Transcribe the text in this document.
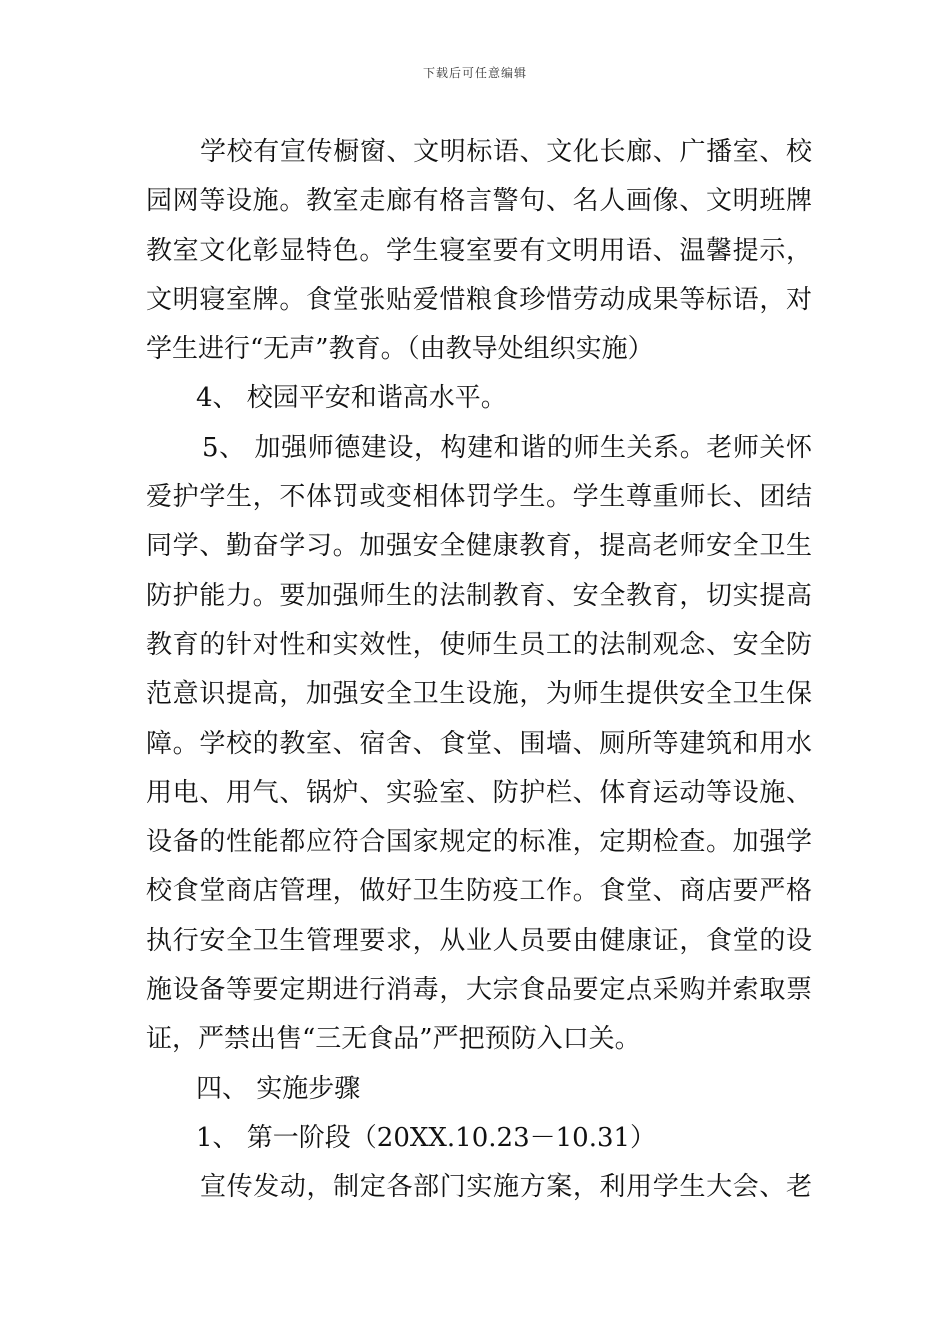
下载后可任意编辑
学校有宣传橱窗、文明标语、文化长廊、广播室、校
园网等设施。教室走廊有格言警句、名人画像、文明班牌
教室文化彰显特色。学生寝室要有文明用语、温馨提示，
文明寝室牌。食堂张贴爱惜粮食珍惜劳动成果等标语，对
学生进行“无声”教育。（由教导处组织实施）
4、 校园平安和谐高水平。
5、 加强师德建设，构建和谐的师生关系。老师关怀
爱护学生，不体罚或变相体罚学生。学生尊重师长、团结
同学、勤奋学习。加强安全健康教育，提高老师安全卫生
防护能力。要加强师生的法制教育、安全教育，切实提高
教育的针对性和实效性，使师生员工的法制观念、安全防
范意识提高，加强安全卫生设施，为师生提供安全卫生保
障。学校的教室、宿舍、食堂、围墙、厕所等建筑和用水
用电、用气、锅炉、实验室、防护栏、体育运动等设施、
设备的性能都应符合国家规定的标准，定期检查。加强学
校食堂商店管理，做好卫生防疫工作。食堂、商店要严格
执行安全卫生管理要求，从业人员要由健康证，食堂的设
施设备等要定期进行消毒，大宗食品要定点采购并索取票
证，严禁出售“三无食品”严把预防入口关。
四、 实施步骤
1、 第一阶段（20XX.10.23－10.31）
宣传发动，制定各部门实施方案，利用学生大会、老
